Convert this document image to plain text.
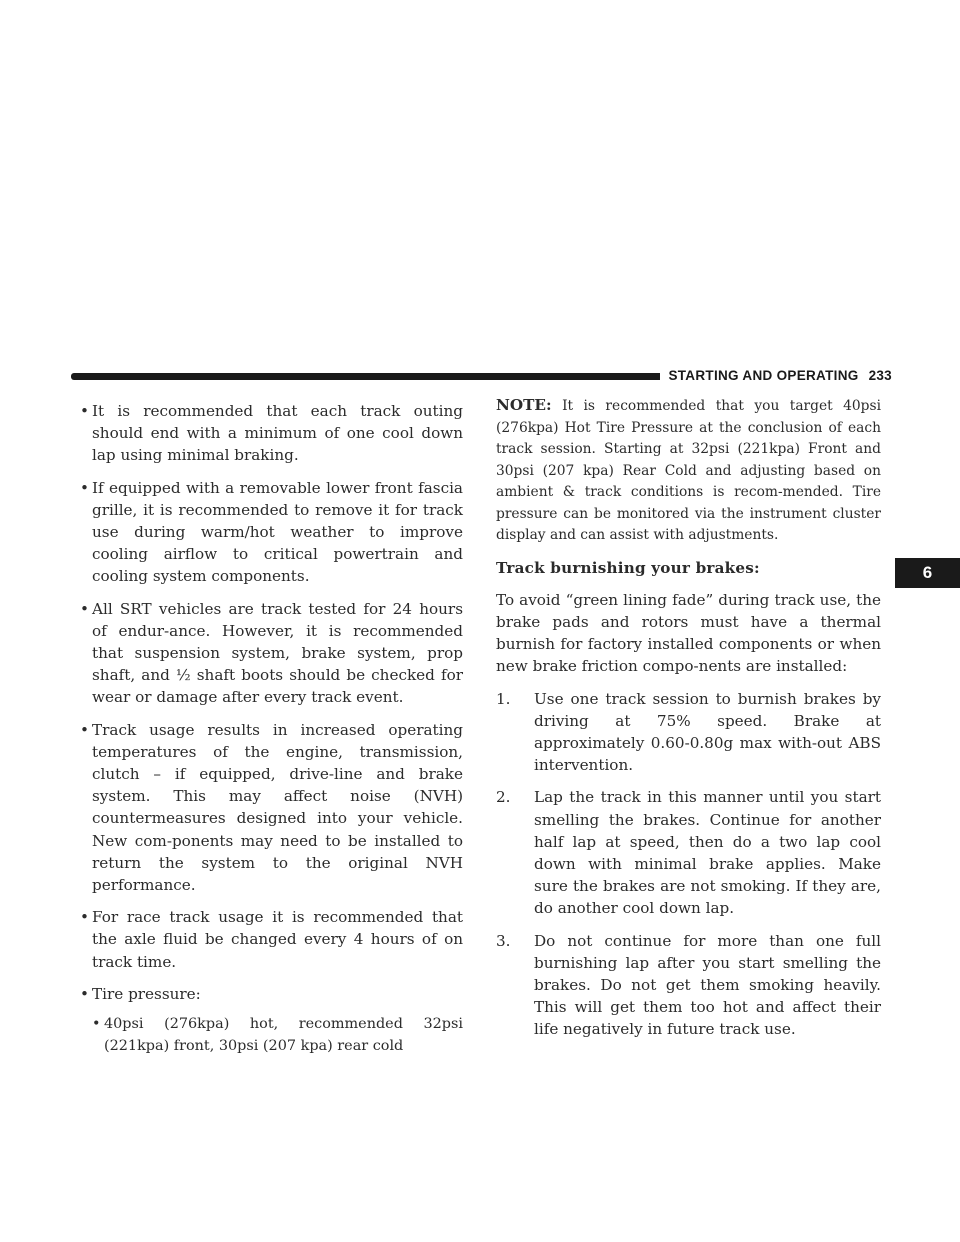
STARTING AND OPERATING 233
6
• It is recommended that each track outing should end with a minimum of one cool down lap using minimal braking.
• If equipped with a removable lower front fascia grille, it is recommended to remove it for track use during warm/hot weather to improve cooling airflow to critical powertrain and cooling system components.
• All SRT vehicles are track tested for 24 hours of endur-ance. However, it is recommended that suspension system, brake system, prop shaft, and ½ shaft boots should be checked for wear or damage after every track event.
• Track usage results in increased operating temperatures of the engine, transmission, clutch – if equipped, drive-line and brake system. This may affect noise (NVH) countermeasures designed into your vehicle. New com-ponents may need to be installed to return the system to the original NVH performance.
• For race track usage it is recommended that the axle fluid be changed every 4 hours of on track time.
• Tire pressure:
• 40psi (276kpa) hot, recommended 32psi (221kpa) front, 30psi (207 kpa) rear cold

NOTE: It is recommended that you target 40psi (276kpa) Hot Tire Pressure at the conclusion of each track session. Starting at 32psi (221kpa) Front and 30psi (207 kpa) Rear Cold and adjusting based on ambient & track conditions is recom-mended. Tire pressure can be monitored via the instrument cluster display and can assist with adjustments.

Track burnishing your brakes:

To avoid “green lining fade” during track use, the brake pads and rotors must have a thermal burnish for factory installed components or when new brake friction compo-nents are installed:

1. Use one track session to burnish brakes by driving at 75% speed. Brake at approximately 0.60-0.80g max with-out ABS intervention.
2. Lap the track in this manner until you start smelling the brakes. Continue for another half lap at speed, then do a two lap cool down with minimal brake applies. Make sure the brakes are not smoking. If they are, do another cool down lap.
3. Do not continue for more than one full burnishing lap after you start smelling the brakes. Do not get them smoking heavily. This will get them too hot and affect their life negatively in future track use.
